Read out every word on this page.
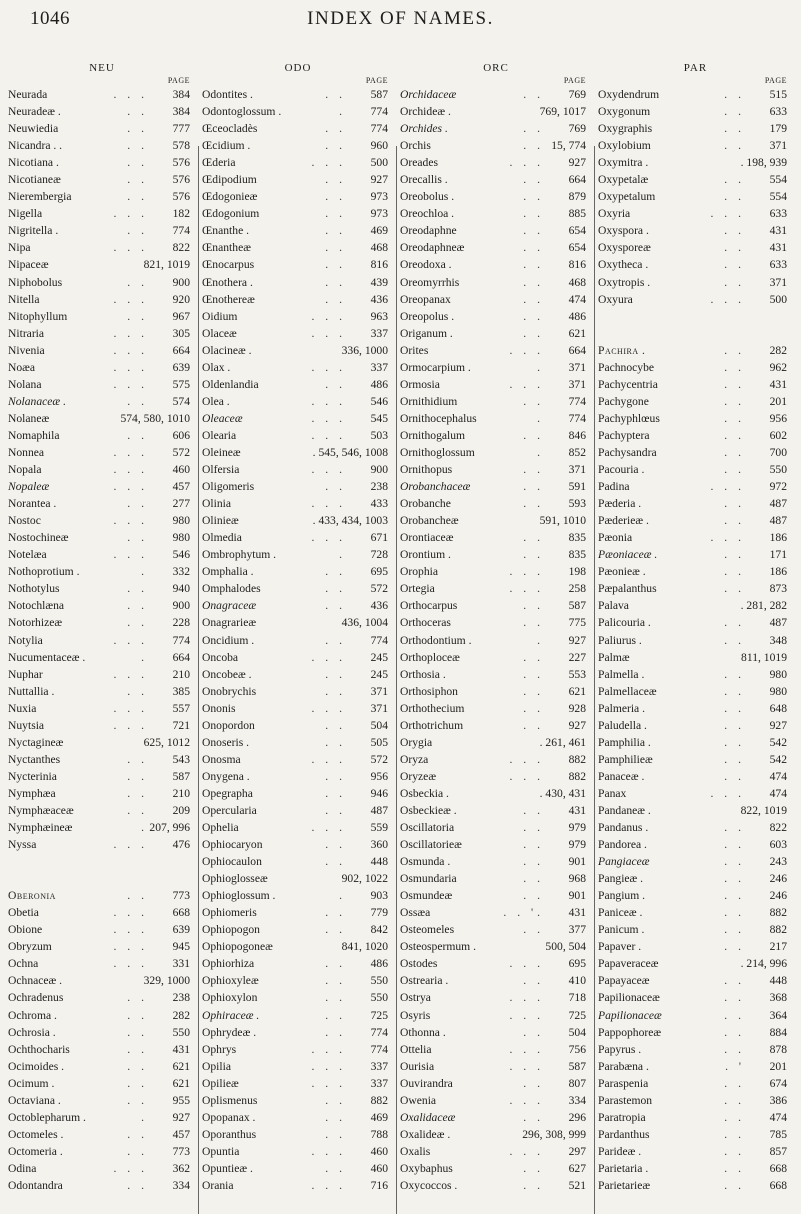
1046	INDEX OF NAMES.
NEU
PAGE
Neurada	. . . 384
Neuradeæ .	. . 384
Neuwiedia	. . 777
Nicandra . .	. . 578
Nicotiana .	. . 576
Nicotianeæ	. . 576
Nierembergia	. . 576
Nigella	. . . 182
Nigritella .	. . 774
Nipa	. . . 822
Nipaceæ	821, 1019
Niphobolus	. . 900
Nitella	. . . 920
Nitophyllum	. . 967
Nitraria	. . . 305
Nivenia	. . . 664
Noæa	. . . 639
Nolana	. . . 575
Nolanaceæ .	. . 574
Nolaneæ	574, 580, 1010
Nomaphila	. . 606
Nonnea	. . . 572
Nopala	. . . 460
Nopaleæ	. . . 457
Norantea .	. . 277
Nostoc	. . . 980
Nostochineæ	. . 980
Notelæa	. . . 546
Nothoprotium .	. 332
Nothotylus	. . 940
Notochlæna	. . 900
Notorhizeæ	. . 228
Notylia	. . . 774
Nucumentaceæ .	. 664
Nuphar	. . . 210
Nuttallia .	. . 385
Nuxia	. . . 557
Nuytsia	. . . 721
Nyctagineæ	625, 1012
Nyctanthes	. . 543
Nycterinia	. . 587
Nymphæa	. . 210
Nymphæaceæ	. . 209
Nymphæineæ	. 207, 996
Nyssa	. . . 476
Oberonia	. . 773
Obetia	. . . 668
Obione	. . . 639
Obryzum	. . . 945
Ochna	. . . 331
Ochnaceæ .	329, 1000
Ochradenus	. . 238
Ochroma .	. . 282
Ochrosia .	. . 550
Ochthocharis	. . 431
Ocimoides .	. . 621
Ocimum .	. . 621
Octaviana .	. . 955
Octoblepharum .	. 927
Octomeles .	. . 457
Octomeria .	. . 773
Odina	. . . 362
Odontandra	. . 334
ODO
PAGE
Odontites .	. . 587
Odontoglossum .	. 774
Œceocladès	. . 774
Œcidium .	. . 960
Œderia	. . . 500
Œdipodium	. . 927
Œdogonieæ	. . 973
Œdogonium	. . 973
Œnanthe .	. . 469
Œnantheæ	. . 468
Œnocarpus	. . 816
Œnothera .	. . 439
Œnothereæ	. . 436
Oidium	. . . 963
Olaceæ	. . . 337
Olacineæ .	336, 1000
Olax .	. . . 337
Oldenlandia	. . 486
Olea .	. . . 546
Oleaceæ	. . . 545
Olearia	. . . 503
Oleineæ	. 545, 546, 1008
Olfersia	. . . 900
Oligomeris	. . 238
Olinia	. . . 433
Olinieæ	. 433, 434, 1003
Olmedia	. . . 671
Ombrophytum .	. 728
Omphalia .	. . 695
Omphalodes	. . 572
Onagraceæ	. . 436
Onagrarieæ	436, 1004
Oncidium .	. . 774
Oncoba	. . . 245
Oncobeæ .	. . 245
Onobrychis	. . 371
Ononis	. . . 371
Onopordon	. . 504
Onoseris .	. . 505
Onosma	. . . 572
Onygena .	. . 956
Opegrapha	. . 946
Opercularia	. . 487
Ophelia	. . . 559
Ophiocaryon	. . 360
Ophiocaulon	. . 448
Ophioglosseæ	902, 1022
Ophioglossum .	. 903
Ophiomeris	. . 779
Ophiopogon	. . 842
Ophiopogoneæ	841, 1020
Ophiorhiza	. . 486
Ophioxyleæ	. . 550
Ophioxylon	. . 550
Ophiraceæ .	. . 725
Ophrydeæ .	. . 774
Ophrys	. . . 774
Opilia	. . . 337
Opilieæ	. . . 337
Oplismenus	. . 882
Opopanax .	. . 469
Oporanthus	. . 788
Opuntia	. . . 460
Opuntieæ .	. . 460
Orania	. . . 716
ORC
PAGE
Orchidaceæ	. . 769
Orchideæ .	769, 1017
Orchides .	. . 769
Orchis	. . 15, 774
Oreades	. . . 927
Orecallis .	. . 664
Oreobolus .	. . 879
Oreochloa .	. . 885
Oreodaphne	. . 654
Oreodaphneæ	. . 654
Oreodoxa .	. . 816
Oreomyrrhis	. . 468
Oreopanax	. . 474
Oreopolus .	. . 486
Origanum .	. . 621
Orites	. . . 664
Ormocarpium .	. 371
Ormosia	. . . 371
Ornithidium	. . 774
Ornithocephalus	. 774
Ornithogalum	. . 846
Ornithoglossum	. 852
Ornithopus	. . 371
Orobanchaceæ	. . 591
Orobanche	. . 593
Orobancheæ	591, 1010
Orontiaceæ	. . 835
Orontium .	. . 835
Orophia	. . . 198
Ortegia	. . . 258
Orthocarpus	. . 587
Orthoceras	. . 775
Orthodontium .	. 927
Orthoploceæ	. . 227
Orthosia .	. . 553
Orthosiphon	. . 621
Orthothecium	. . 928
Orthotrichum	. . 927
Orygia	. 261, 461
Oryza	. . . 882
Oryzeæ	. . . 882
Osbeckia .	. 430, 431
Osbeckieæ .	. . 431
Oscillatoria	. . 979
Oscillatorieæ	. . 979
Osmunda .	. . 901
Osmundaria	. . 968
Osmundeæ	. . 901
Ossæa	. . '. 431
Osteomeles	. . 377
Osteospermum .	500, 504
Ostodes	. . . 695
Ostrearia .	. . 410
Ostrya	. . . 718
Osyris	. . . 725
Othonna .	. . 504
Ottelia	. . . 756
Ourisia	. . . 587
Ouvirandra	. . 807
Owenia	. . . 334
Oxalidaceæ	. . 296
Oxalideæ .	296, 308, 999
Oxalis	. . . 297
Oxybaphus	. . 627
Oxycoccos .	. . 521
PAR
PAGE
Oxydendrum	. . 515
Oxygonum	. . 633
Oxygraphis	. . 179
Oxylobium	. . 371
Oxymitra .	. 198, 939
Oxypetalæ	. . 554
Oxypetalum	. . 554
Oxyria	. . . 633
Oxyspora .	. . 431
Oxysporeæ	. . 431
Oxytheca .	. . 633
Oxytropis .	. . 371
Oxyura	. . . 500
Pachira .	. . 282
Pachnocybe	. . 962
Pachycentria	. . 431
Pachygone	. . 201
Pachyphlœus	. . 956
Pachyptera	. . 602
Pachysandra	. . 700
Pacouria .	. . 550
Padina	. . . 972
Pæderia .	. . 487
Pæderieæ .	. . 487
Pæonia	. . . 186
Pæoniaceæ .	. . 171
Pæonieæ .	. . 186
Pæpalanthus	. . 873
Palava	. 281, 282
Palicouria .	. . 487
Paliurus .	. . 348
Palmæ	811, 1019
Palmella .	. . 980
Palmellaceæ	. . 980
Palmeria .	. . 648
Paludella .	. . 927
Pamphilia .	. . 542
Pamphilieæ	. . 542
Panaceæ .	. . 474
Panax	. . . 474
Pandaneæ .	822, 1019
Pandanus .	. . 822
Pandorea .	. . 603
Pangiaceæ	. . 243
Pangieæ .	. . 246
Pangium .	. . 246
Paniceæ .	. . 882
Panicum .	. . 882
Papaver .	. . 217
Papaveraceæ	. 214, 996
Papayaceæ	. . 448
Papilionaceæ	. . 368
Papilionaceæ	. . 364
Pappophoreæ	. . 884
Papyrus .	. . 878
Parabæna .	. ' 201
Paraspenia	. . 674
Parastemon	. . 386
Paratropia	. . 474
Pardanthus	. . 785
Parideæ .	. . 857
Parietaria .	. . 668
Parietarieæ	. . 668
